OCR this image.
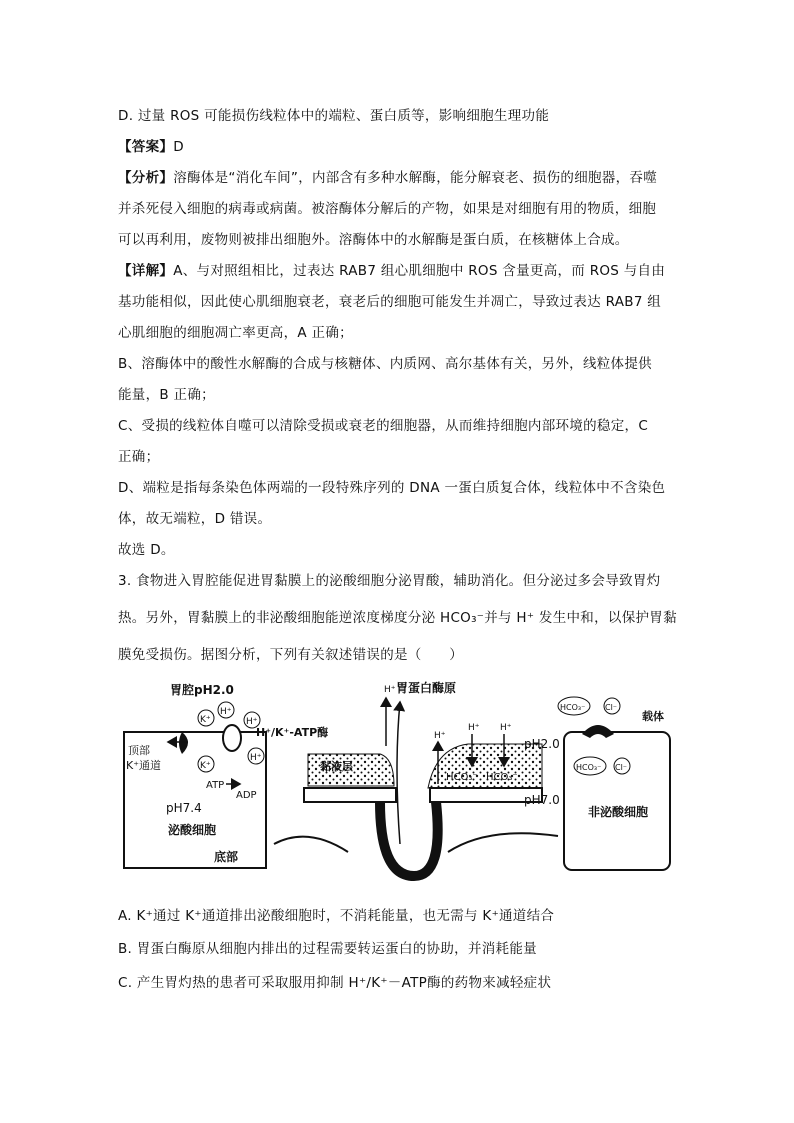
D. 过量 ROS 可能损伤线粒体中的端粒、蛋白质等，影响细胞生理功能
【答案】D
【分析】溶酶体是“消化车间”，内部含有多种水解酶，能分解衰老、损伤的细胞器，吞噬
并杀死侵入细胞的病毒或病菌。被溶酶体分解后的产物，如果是对细胞有用的物质，细胞
可以再利用，废物则被排出细胞外。溶酶体中的水解酶是蛋白质，在核糖体上合成。
【详解】A、与对照组相比，过表达 RAB7 组心肌细胞中 ROS 含量更高，而 ROS 与自由
基功能相似，因此使心肌细胞衰老，衰老后的细胞可能发生并凋亡，导致过表达 RAB7 组
心肌细胞的细胞凋亡率更高，A 正确；
B、溶酶体中的酸性水解酶的合成与核糖体、内质网、高尔基体有关，另外，线粒体提供
能量，B 正确；
C、受损的线粒体自噬可以清除受损或衰老的细胞器，从而维持细胞内部环境的稳定，C
正确；
D、端粒是指每条染色体两端的一段特殊序列的 DNA 一蛋白质复合体，线粒体中不含染色
体，故无端粒，D 错误。
故选 D。
3. 食物进入胃腔能促进胃黏膜上的泌酸细胞分泌胃酸，辅助消化。但分泌过多会导致胃灼
热。另外，胃黏膜上的非泌酸细胞能逆浓度梯度分泌 HCO₃⁻并与 H⁺ 发生中和，以保护胃黏
膜免受损伤。据图分析，下列有关叙述错误的是（　　）
胃腔pH2.0
顶部
K⁺通道
K⁺
H⁺
H⁺
H⁺/K⁺-ATP酶
K⁺
H⁺
ATP
ADP
pH7.4
泌酸细胞
底部
黏液层
H⁺ 胃蛋白酶原
H⁺
H⁺ H⁺
HCO₃⁻ HCO₃⁻
pH2.0
pH7.0
HCO₃⁻ Cl⁻
载体
HCO₃⁻ Cl⁻
非泌酸细胞
A. K⁺通过 K⁺通道排出泌酸细胞时，不消耗能量，也无需与 K⁺通道结合
B. 胃蛋白酶原从细胞内排出的过程需要转运蛋白的协助，并消耗能量
C. 产生胃灼热的患者可采取服用抑制 H⁺/K⁺－ATP酶的药物来减轻症状
